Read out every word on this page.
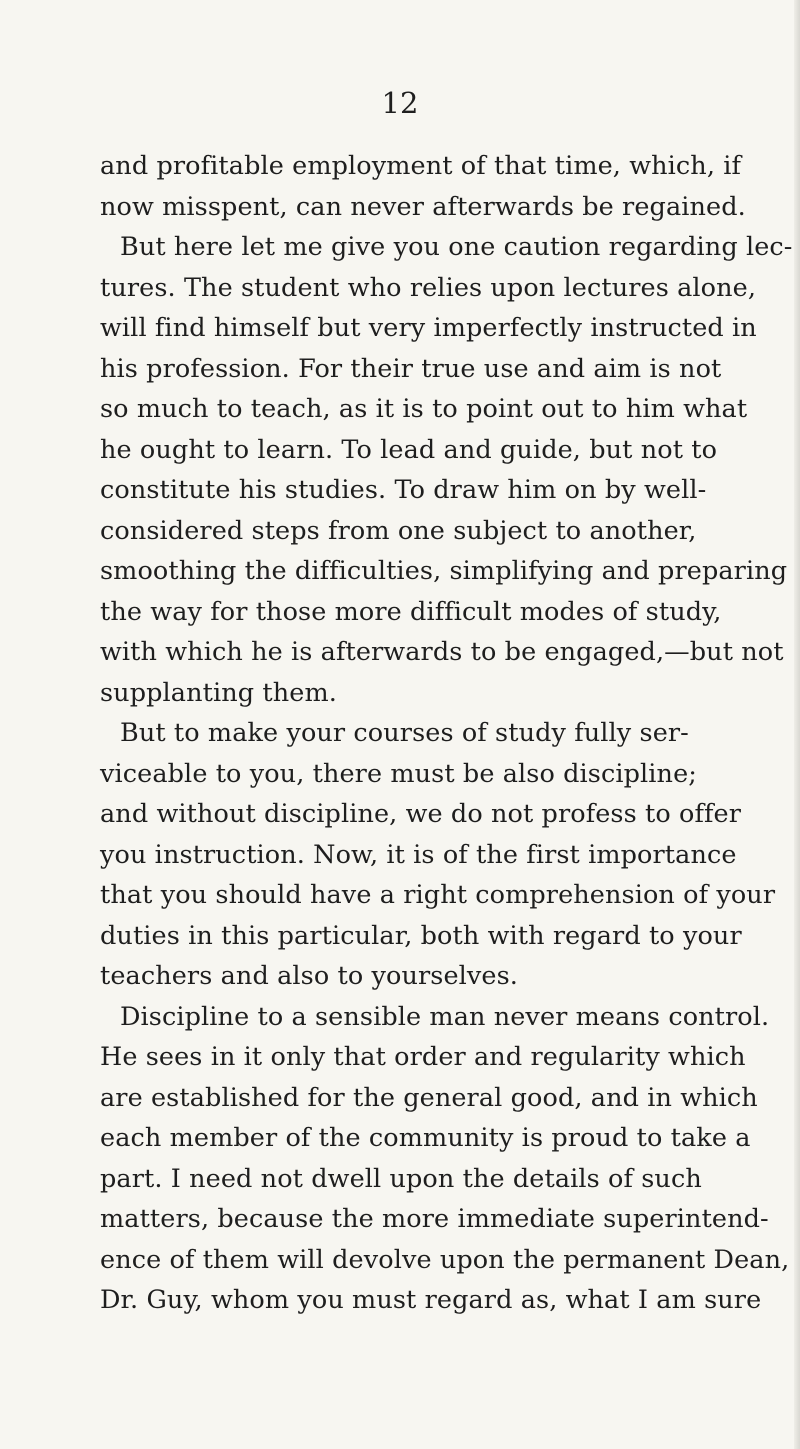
12
and profitable employment of that time, which, if
now misspent, can never afterwards be regained.
But here let me give you one caution regarding lec-
tures. The student who relies upon lectures alone,
will find himself but very imperfectly instructed in
his profession. For their true use and aim is not
so much to teach, as it is to point out to him what
he ought to learn. To lead and guide, but not to
constitute his studies. To draw him on by well-
considered steps from one subject to another,
smoothing the difficulties, simplifying and preparing
the way for those more difficult modes of study,
with which he is afterwards to be engaged,—but not
supplanting them.
But to make your courses of study fully ser-
viceable to you, there must be also discipline;
and without discipline, we do not profess to offer
you instruction. Now, it is of the first importance
that you should have a right comprehension of your
duties in this particular, both with regard to your
teachers and also to yourselves.
Discipline to a sensible man never means control.
He sees in it only that order and regularity which
are established for the general good, and in which
each member of the community is proud to take a
part. I need not dwell upon the details of such
matters, because the more immediate superintend-
ence of them will devolve upon the permanent Dean,
Dr. Guy, whom you must regard as, what I am sure
